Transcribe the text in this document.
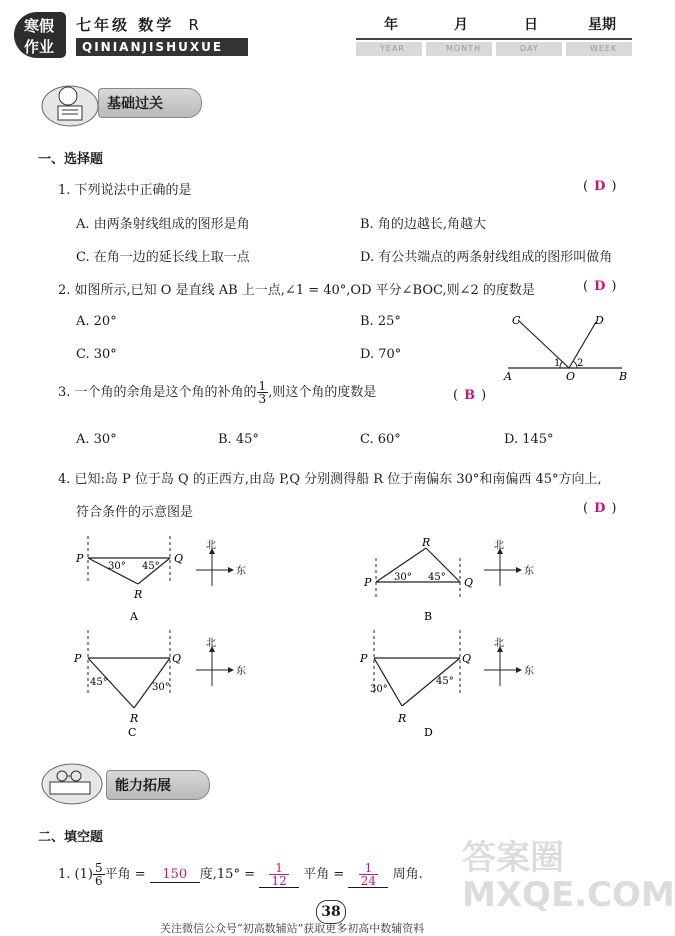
寒假
作业
七年级 数学 R
QINIANJISHUXUE
年	月	日	星期
YEAR	MONTH	DAY	WEEK
基础过关
一、选择题
1. 下列说法中正确的是	( D )
A. 由两条射线组成的图形是角	B. 角的边越长,角越大
C. 在角一边的延长线上取一点	D. 有公共端点的两条射线组成的图形叫做角
2. 如图所示,已知 O 是直线 AB 上一点,∠1 = 40°,OD 平分∠BOC,则∠2 的度数是	( D )
A. 20°	B. 25°
C. 30°	D. 70°
C	D
A	O	B
1 2
3. 一个角的余角是这个角的补角的 $\frac{1}{3}$ ,则这个角的度数是	( B )
A. 30°	B. 45°	C. 60°	D. 145°
4. 已知:岛 P 位于岛 Q 的正西方,由岛 P,Q 分别测得船 R 位于南偏东 30°和南偏西 45°方向上,
符合条件的示意图是	( D )
P	Q
R
30° 45°
北
东
A
P	Q
R
30° 45°
北
东
B
P	Q
R
45°	30°
北
东
C
P	Q
R
30°
45°
北
东
D
能力拓展
二、填空题
1. $(1) \frac{5}{6}$ 平角 = 150 度$,15^\circ = \frac{1}{12}$ 平角 = $\frac{1}{24}$ 周角. 答案圈 MXQE.COM
38
关注微信公众号“初高数辅站”获取更多初高中数辅资料
